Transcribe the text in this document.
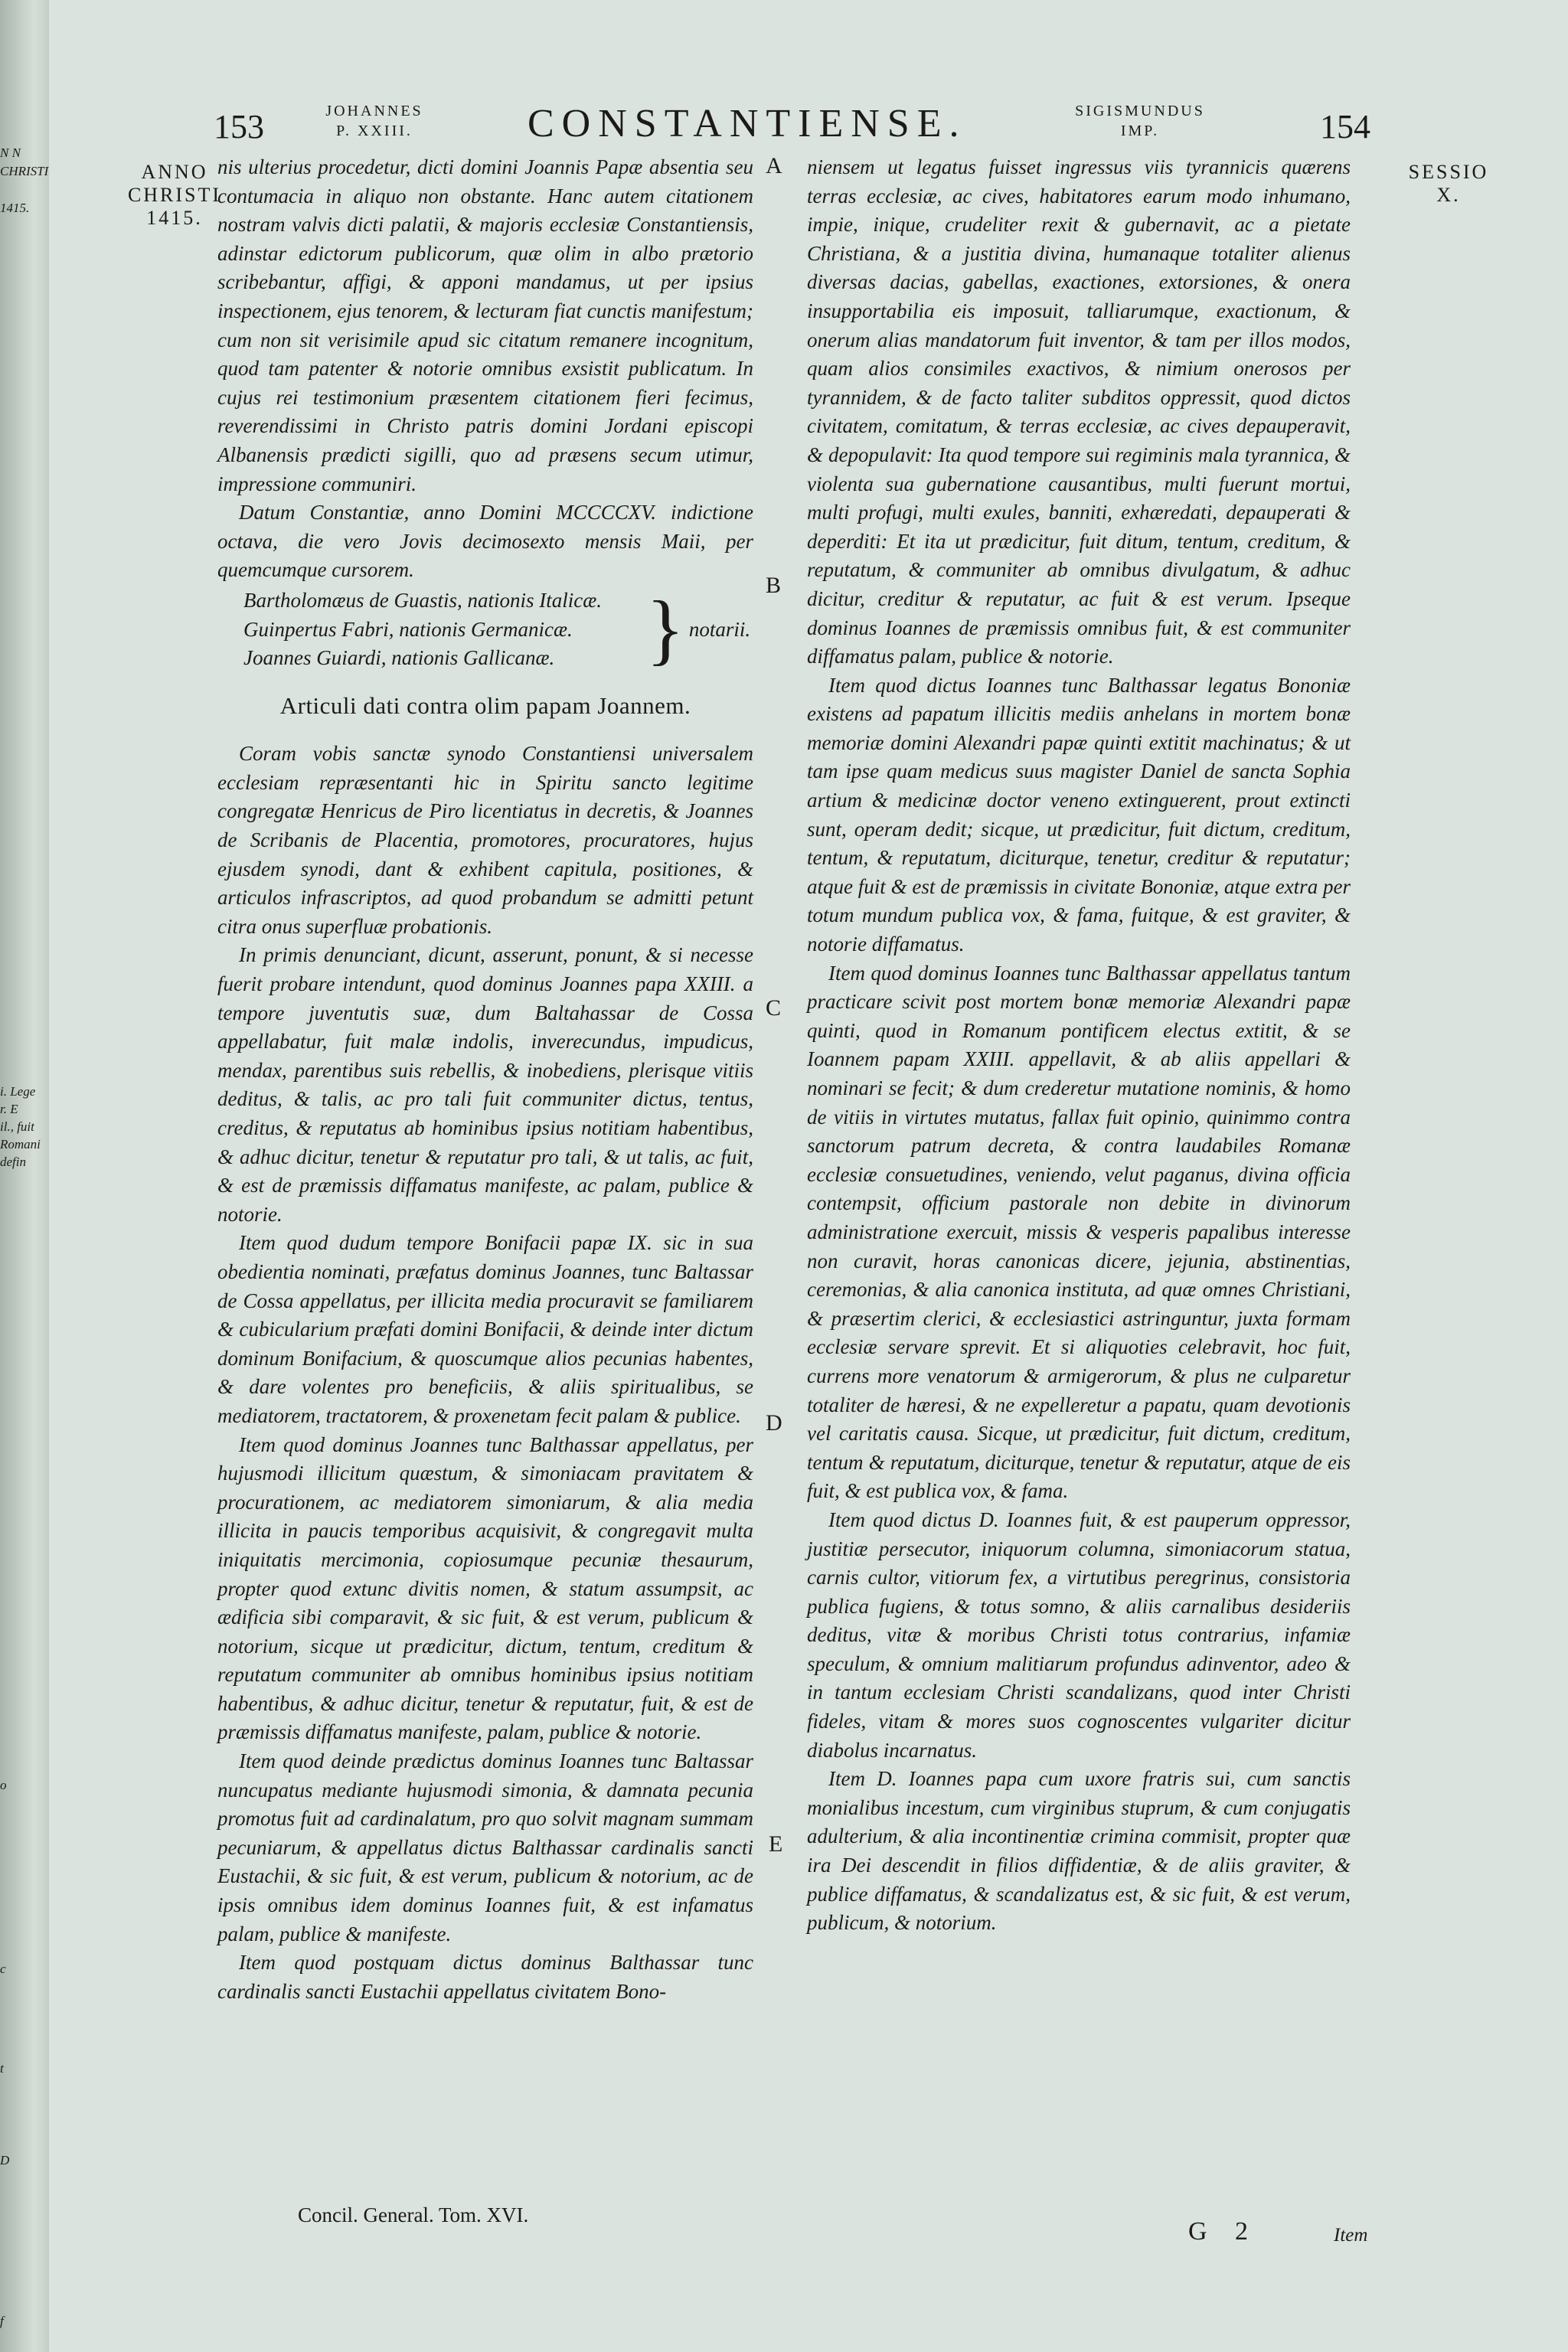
N N
CHRISTI
1415.
i. Lege
r. E
il., fuit
Romani
defin
o
c
t
D
f
153	JOHANNES
P. XXIII.	CONSTANTIENSE.	SIGISMUNDUS
IMP.	154
ANNO
CHRISTI
1415.
SESSIO
X.
A
B
C
D
E

nis ulterius procedetur, dicti domini Joannis Papæ absentia seu contumacia in aliquo non obstante. Hanc autem citationem nostram valvis dicti palatii, & majoris ecclesiæ Constantiensis, adinstar edictorum publicorum, quæ olim in albo prætorio scribebantur, affigi, & apponi mandamus, ut per ipsius inspectionem, ejus tenorem, & lecturam fiat cunctis manifestum; cum non sit verisimile apud sic citatum remanere incognitum, quod tam patenter & notorie omnibus exsistit publicatum. In cujus rei testimonium præsentem citationem fieri fecimus, reverendissimi in Christo patris domini Jordani episcopi Albanensis prædicti sigilli, quo ad præsens secum utimur, impressione communiri.

Datum Constantiæ, anno Domini MCCCCXV. indictione octava, die vero Jovis decimosexto mensis Maii, per quemcumque cursorem.

Bartholomæus de Guastis, nationis Italicæ.
Guinpertus Fabri, nationis Germanicæ.
Joannes Guiardi, nationis Gallicanæ.	} notarii.

Articuli dati contra olim papam Joannem.

Coram vobis sanctæ synodo Constantiensi universalem ecclesiam repræsentanti hic in Spiritu sancto legitime congregatæ Henricus de Piro licentiatus in decretis, & Joannes de Scribanis de Placentia, promotores, procuratores, hujus ejusdem synodi, dant & exhibent capitula, positiones, & articulos infrascriptos, ad quod probandum se admitti petunt citra onus superfluæ probationis.

In primis denunciant, dicunt, asserunt, ponunt, & si necesse fuerit probare intendunt, quod dominus Joannes papa XXIII. a tempore juventutis suæ, dum Baltahassar de Cossa appellabatur, fuit malæ indolis, inverecundus, impudicus, mendax, parentibus suis rebellis, & inobediens, plerisque vitiis deditus, & talis, ac pro tali fuit communiter dictus, tentus, creditus, & reputatus ab hominibus ipsius notitiam habentibus, & adhuc dicitur, tenetur & reputatur pro tali, & ut talis, ac fuit, & est de præmissis diffamatus manifeste, ac palam, publice & notorie.

Item quod dudum tempore Bonifacii papæ IX. sic in sua obedientia nominati, præfatus dominus Joannes, tunc Baltassar de Cossa appellatus, per illicita media procuravit se familiarem & cubicularium præfati domini Bonifacii, & deinde inter dictum dominum Bonifacium, & quoscumque alios pecunias habentes, & dare volentes pro beneficiis, & aliis spiritualibus, se mediatorem, tractatorem, & proxenetam fecit palam & publice.

Item quod dominus Joannes tunc Balthassar appellatus, per hujusmodi illicitum quæstum, & simoniacam pravitatem & procurationem, ac mediatorem simoniarum, & alia media illicita in paucis temporibus acquisivit, & congregavit multa iniquitatis mercimonia, copiosumque pecuniæ thesaurum, propter quod extunc divitis nomen, & statum assumpsit, ac ædificia sibi comparavit, & sic fuit, & est verum, publicum & notorium, sicque ut prædicitur, dictum, tentum, creditum & reputatum communiter ab omnibus hominibus ipsius notitiam habentibus, & adhuc dicitur, tenetur & reputatur, fuit, & est de præmissis diffamatus manifeste, palam, publice & notorie.

Item quod deinde prædictus dominus Ioannes tunc Baltassar nuncupatus mediante hujusmodi simonia, & damnata pecunia promotus fuit ad cardinalatum, pro quo solvit magnam summam pecuniarum, & appellatus dictus Balthassar cardinalis sancti Eustachii, & sic fuit, & est verum, publicum & notorium, ac de ipsis omnibus idem dominus Ioannes fuit, & est infamatus palam, publice & manifeste.

Item quod postquam dictus dominus Balthassar tunc cardinalis sancti Eustachii appellatus civitatem Bono-

niensem ut legatus fuisset ingressus viis tyrannicis quærens terras ecclesiæ, ac cives, habitatores earum modo inhumano, impie, inique, crudeliter rexit & gubernavit, ac a pietate Christiana, & a justitia divina, humanaque totaliter alienus diversas dacias, gabellas, exactiones, extorsiones, & onera insupportabilia eis imposuit, talliarumque, exactionum, & onerum alias mandatorum fuit inventor, & tam per illos modos, quam alios consimiles exactivos, & nimium onerosos per tyrannidem, & de facto taliter subditos oppressit, quod dictos civitatem, comitatum, & terras ecclesiæ, ac cives depauperavit, & depopulavit: Ita quod tempore sui regiminis mala tyrannica, & violenta sua gubernatione causantibus, multi fuerunt mortui, multi profugi, multi exules, banniti, exhæredati, depauperati & deperditi: Et ita ut prædicitur, fuit ditum, tentum, creditum, & reputatum, & communiter ab omnibus divulgatum, & adhuc dicitur, creditur & reputatur, ac fuit & est verum. Ipseque dominus Ioannes de præmissis omnibus fuit, & est communiter diffamatus palam, publice & notorie.

Item quod dictus Ioannes tunc Balthassar legatus Bononiæ existens ad papatum illicitis mediis anhelans in mortem bonæ memoriæ domini Alexandri papæ quinti extitit machinatus; & ut tam ipse quam medicus suus magister Daniel de sancta Sophia artium & medicinæ doctor veneno extinguerent, prout extincti sunt, operam dedit; sicque, ut prædicitur, fuit dictum, creditum, tentum, & reputatum, diciturque, tenetur, creditur & reputatur; atque fuit & est de præmissis in civitate Bononiæ, atque extra per totum mundum publica vox, & fama, fuitque, & est graviter, & notorie diffamatus.

Item quod dominus Ioannes tunc Balthassar appellatus tantum practicare scivit post mortem bonæ memoriæ Alexandri papæ quinti, quod in Romanum pontificem electus extitit, & se Ioannem papam XXIII. appellavit, & ab aliis appellari & nominari se fecit; & dum crederetur mutatione nominis, & homo de vitiis in virtutes mutatus, fallax fuit opinio, quinimmo contra sanctorum patrum decreta, & contra laudabiles Romanæ ecclesiæ consuetudines, veniendo, velut paganus, divina officia contempsit, officium pastorale non debite in divinorum administratione exercuit, missis & vesperis papalibus interesse non curavit, horas canonicas dicere, jejunia, abstinentias, ceremonias, & alia canonica instituta, ad quæ omnes Christiani, & præsertim clerici, & ecclesiastici astringuntur, juxta formam ecclesiæ servare sprevit. Et si aliquoties celebravit, hoc fuit, currens more venatorum & armigerorum, & plus ne culparetur totaliter de hæresi, & ne expelleretur a papatu, quam devotionis vel caritatis causa. Sicque, ut prædicitur, fuit dictum, creditum, tentum & reputatum, diciturque, tenetur & reputatur, atque de eis fuit, & est publica vox, & fama.

Item quod dictus D. Ioannes fuit, & est pauperum oppressor, justitiæ persecutor, iniquorum columna, simoniacorum statua, carnis cultor, vitiorum fex, a virtutibus peregrinus, consistoria publica fugiens, & totus somno, & aliis carnalibus desideriis deditus, vitæ & moribus Christi totus contrarius, infamiæ speculum, & omnium malitiarum profundus adinventor, adeo & in tantum ecclesiam Christi scandalizans, quod inter Christi fideles, vitam & mores suos cognoscentes vulgariter dicitur diabolus incarnatus.

Item D. Ioannes papa cum uxore fratris sui, cum sanctis monialibus incestum, cum virginibus stuprum, & cum conjugatis adulterium, & alia incontinentiæ crimina commisit, propter quæ ira Dei descendit in filios diffidentiæ, & de aliis graviter, & publice diffamatus, & scandalizatus est, & sic fuit, & est verum, publicum, & notorium.

Concil. General. Tom. XVI.
G 2	Item
